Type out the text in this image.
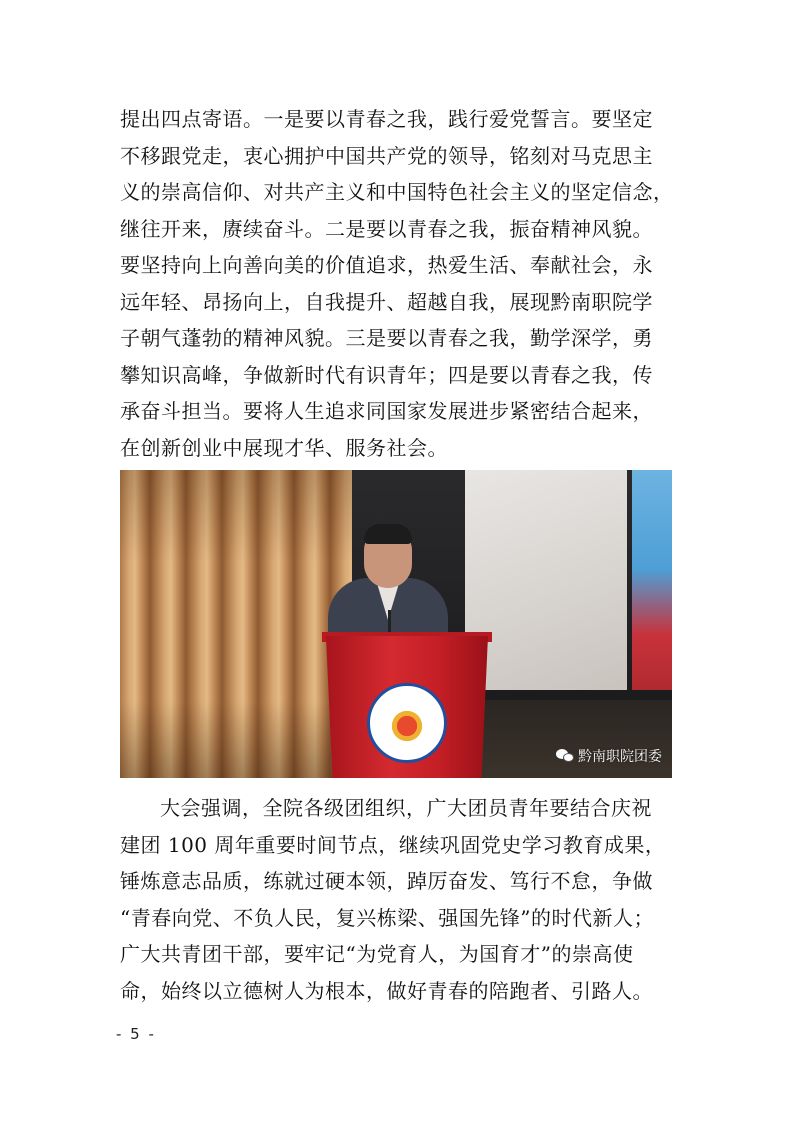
提出四点寄语。一是要以青春之我，践行爱党誓言。要坚定
不移跟党走，衷心拥护中国共产党的领导，铭刻对马克思主
义的崇高信仰、对共产主义和中国特色社会主义的坚定信念，
继往开来，赓续奋斗。二是要以青春之我，振奋精神风貌。
要坚持向上向善向美的价值追求，热爱生活、奉献社会，永
远年轻、昂扬向上，自我提升、超越自我，展现黔南职院学
子朝气蓬勃的精神风貌。三是要以青春之我，勤学深学，勇
攀知识高峰，争做新时代有识青年；四是要以青春之我，传
承奋斗担当。要将人生追求同国家发展进步紧密结合起来，
在创新创业中展现才华、服务社会。
黔南职院团委
大会强调，全院各级团组织，广大团员青年要结合庆祝
建团 100 周年重要时间节点，继续巩固党史学习教育成果，
锤炼意志品质，练就过硬本领，踔厉奋发、笃行不怠，争做
“青春向党、不负人民，复兴栋梁、强国先锋”的时代新人；
广大共青团干部，要牢记“为党育人，为国育才”的崇高使
命，始终以立德树人为根本，做好青春的陪跑者、引路人。
- 5 -
